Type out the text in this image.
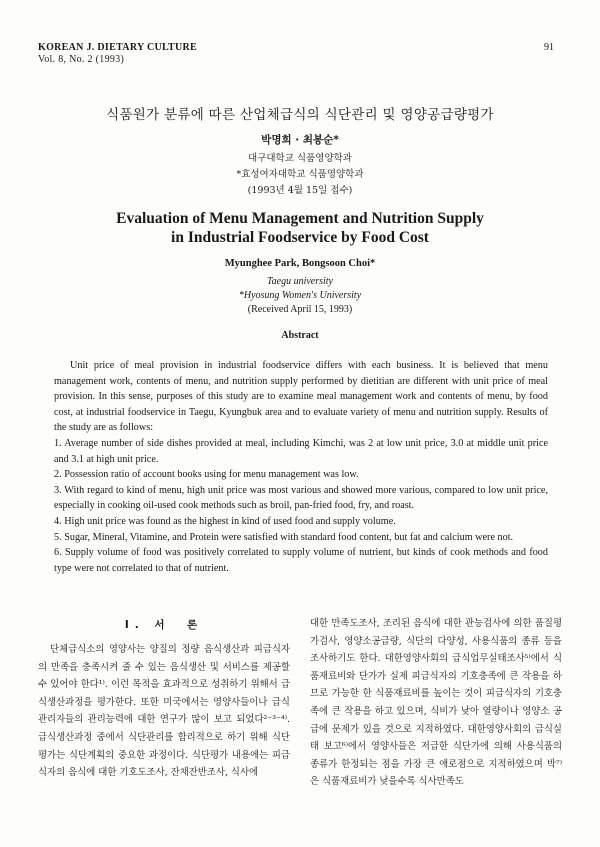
KOREAN J. DIETARY CULTURE
Vol. 8, No. 2 (1993)
91
식품원가 분류에 따른 산업체급식의 식단관리 및 영양공급량평가
박명희 · 최봉순*
대구대학교 식품영양학과
*효성여자대학교 식품영양학과
(1993년 4월 15일 접수)
Evaluation of Menu Management and Nutrition Supply
in Industrial Foodservice by Food Cost
Myunghee Park, Bongsoon Choi*
Taegu university
*Hyosung Women's University
(Received April 15, 1993)
Abstract

Unit price of meal provision in industrial foodservice differs with each business. It is believed that menu management work, contents of menu, and nutrition supply performed by dietitian are different with unit price of meal provision. In this sense, purposes of this study are to examine meal management work and contents of menu, by food cost, at industrial foodservice in Taegu, Kyungbuk area and to evaluate variety of menu and nutrition supply. Results of the study are as follows:

1. Average number of side dishes provided at meal, including Kimchi, was 2 at low unit price, 3.0 at middle unit price and 3.1 at high unit price.

2. Possession ratio of account books using for menu management was low.

3. With regard to kind of menu, high unit price was most various and showed more various, compared to low unit price, especially in cooking oil-used cook methods such as broil, pan-fried food, fry, and roast.

4. High unit price was found as the highest in kind of used food and supply volume.

5. Sugar, Mineral, Vitamine, and Protein were satisfied with standard food content, but fat and calcium were not.

6. Supply volume of food was positively correlated to supply volume of nutrient, but kinds of cook methods and food type were not correlated to that of nutrient.

I. 서　론

단체급식소의 영양사는 양질의 정량 음식생산과 피급식자의 만족을 충족시켜 줄 수 있는 음식생산 및 서비스를 제공할 수 있어야 한다¹⁾. 이런 목적을 효과적으로 성취하기 위해서 급식생산과정을 평가한다. 또한 미국에서는 영양사들이나 급식관리자들의 관리능력에 대한 연구가 많이 보고 되었다²⁻³⁻⁴⁾. 급식생산과정 중에서 식단관리를 합리적으로 하기 위해 식단평가는 식단계획의 중요한 과정이다. 식단평가 내용에는 피급식자의 음식에 대한 기호도조사, 잔채잔반조사, 식사에

대한 만족도조사, 조리된 음식에 대한 관능검사에 의한 품질평가검사, 영양소공급량, 식단의 다양성, 사용식품의 종류 등을 조사하기도 한다. 대한영양사회의 급식업무실태조사⁵⁾에서 식품재료비와 단가가 실제 피급식자의 기호충족에 큰 작용을 하므로 가능한 한 식품재료비를 높이는 것이 피급식자의 기호충족에 큰 작용을 하고 있으며, 식비가 낮아 열량이나 영양소 공급에 문제가 있을 것으로 지적하였다. 대한영양사회의 급식실태 보고⁶⁾에서 영양사들은 저급한 식단가에 의해 사용식품의 종류가 한정되는 점을 가장 큰 애로점으로 지적하였으며 박⁷⁾은 식품재료비가 낮을수록 식사만족도
